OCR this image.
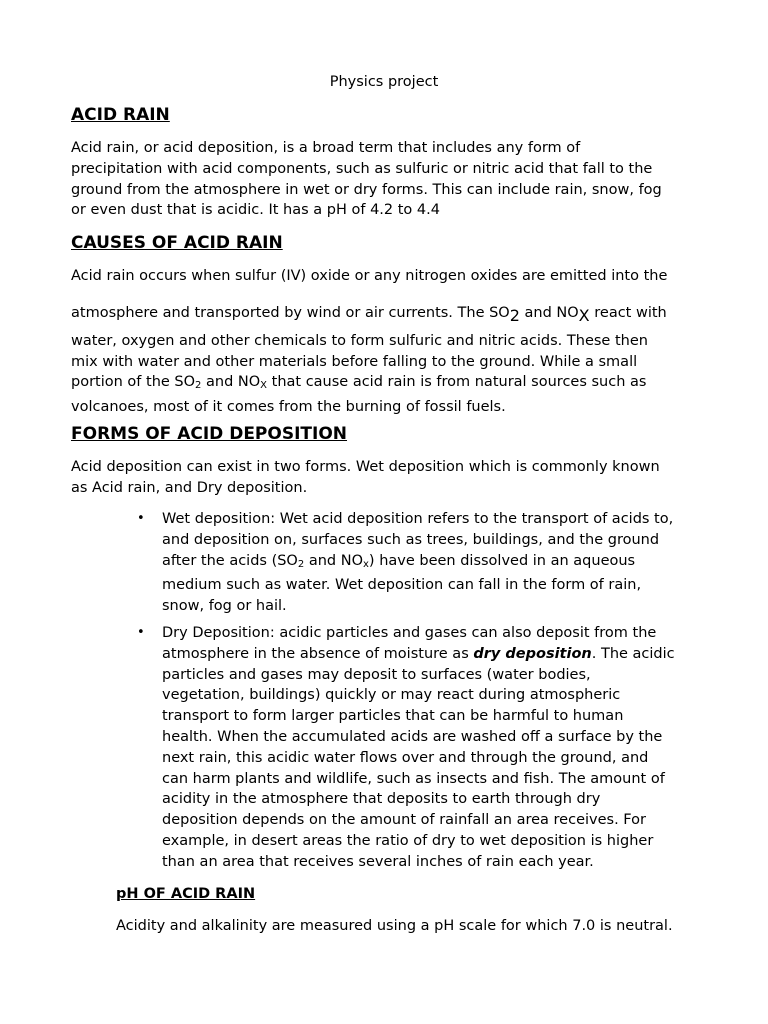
Physics project
ACID RAIN
Acid rain, or acid deposition, is a broad term that includes any form of
precipitation with acid components, such as sulfuric or nitric acid that fall to the
ground from the atmosphere in wet or dry forms. This can include rain, snow, fog
or even dust that is acidic. It has a pH of 4.2 to 4.4
CAUSES OF ACID RAIN
Acid rain occurs when sulfur (IV) oxide or any nitrogen oxides are emitted into the
atmosphere and transported by wind or air currents. The SO2 and NOX react with
water, oxygen and other chemicals to form sulfuric and nitric acids. These then
mix with water and other materials before falling to the ground. While a small
portion of the $SO_2$ and $NO_X$ that cause acid rain is from natural sources such as
volcanoes, most of it comes from the burning of fossil fuels.
FORMS OF ACID DEPOSITION
Acid deposition can exist in two forms. Wet deposition which is commonly known
as Acid rain, and Dry deposition.
• Wet deposition: Wet acid deposition refers to the transport of acids to,
and deposition on, surfaces such as trees, buildings, and the ground
after the acids ($SO_2$ and $NO_x$) have been dissolved in an aqueous
medium such as water. Wet deposition can fall in the form of rain,
snow, fog or hail.
• Dry Deposition: acidic particles and gases can also deposit from the
atmosphere in the absence of moisture as dry deposition. The acidic
particles and gases may deposit to surfaces (water bodies,
vegetation, buildings) quickly or may react during atmospheric
transport to form larger particles that can be harmful to human
health. When the accumulated acids are washed off a surface by the
next rain, this acidic water flows over and through the ground, and
can harm plants and wildlife, such as insects and fish. The amount of
acidity in the atmosphere that deposits to earth through dry
deposition depends on the amount of rainfall an area receives. For
example, in desert areas the ratio of dry to wet deposition is higher
than an area that receives several inches of rain each year.
pH OF ACID RAIN
Acidity and alkalinity are measured using a pH scale for which 7.0 is neutral.
